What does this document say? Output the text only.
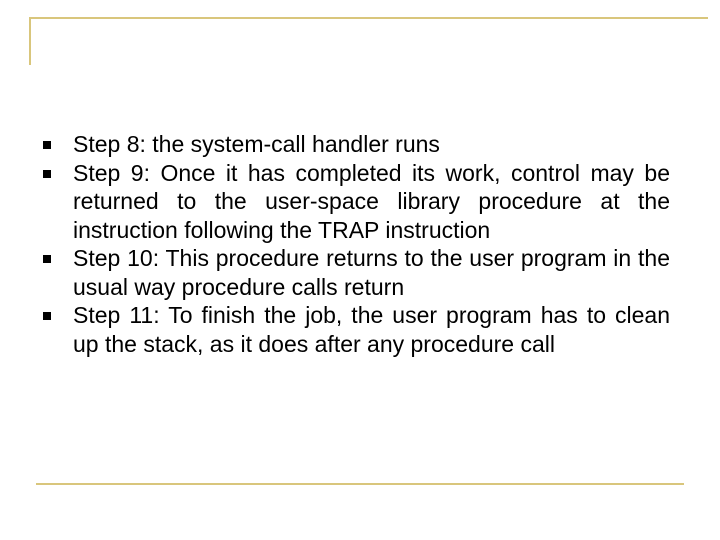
Step 8: the system-call handler runs
Step 9: Once it has completed its work, control may be returned to the user-space library procedure at the instruction following the TRAP instruction
Step 10: This procedure returns to the user program in the usual way procedure calls return
Step 11: To finish the job, the user program has to clean up the stack, as it does after any procedure call
